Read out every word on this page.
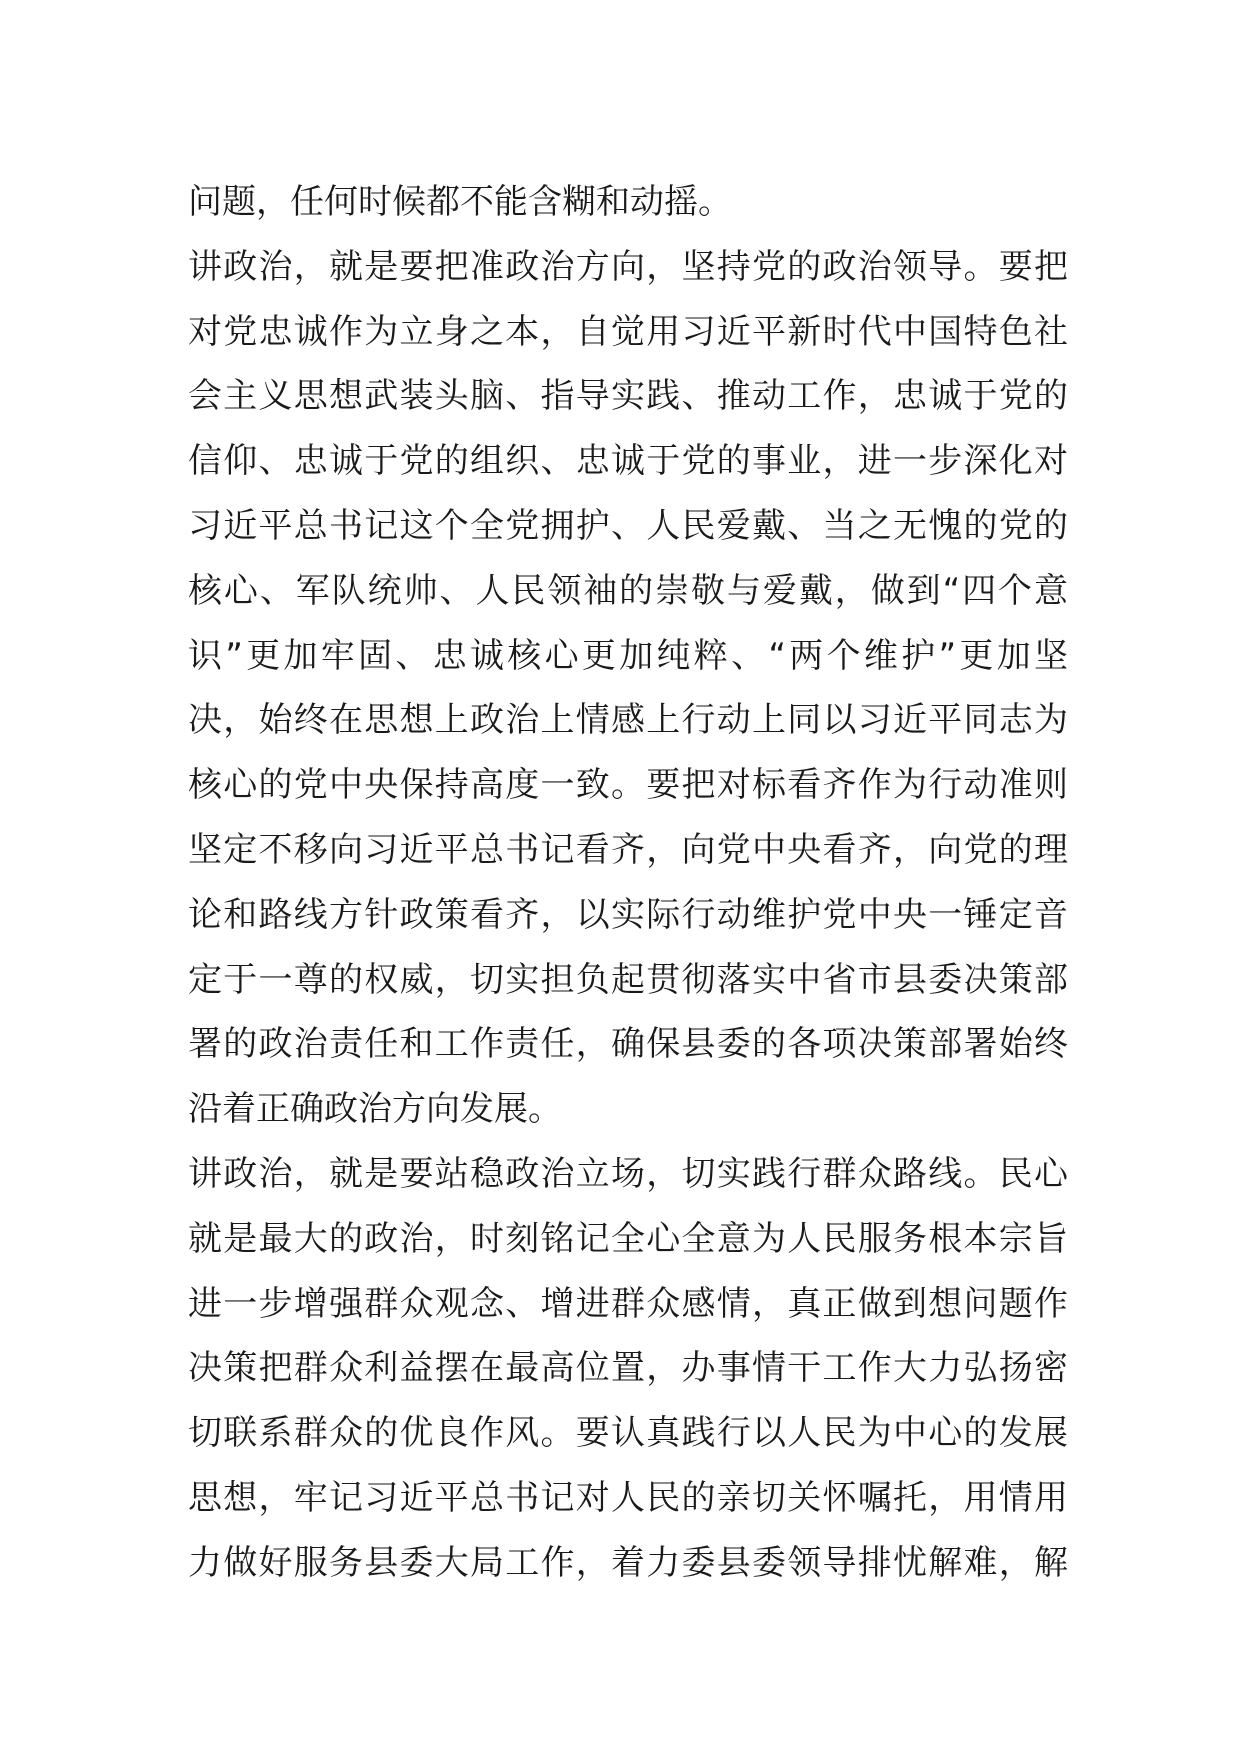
问题，任何时候都不能含糊和动摇。
讲政治，就是要把准政治方向，坚持党的政治领导。要把
对党忠诚作为立身之本，自觉用习近平新时代中国特色社
会主义思想武装头脑、指导实践、推动工作，忠诚于党的
信仰、忠诚于党的组织、忠诚于党的事业，进一步深化对
习近平总书记这个全党拥护、人民爱戴、当之无愧的党的
核心、军队统帅、人民领袖的崇敬与爱戴，做到“四个意
识”更加牢固、忠诚核心更加纯粹、“两个维护”更加坚
决，始终在思想上政治上情感上行动上同以习近平同志为
核心的党中央保持高度一致。要把对标看齐作为行动准则
坚定不移向习近平总书记看齐，向党中央看齐，向党的理
论和路线方针政策看齐，以实际行动维护党中央一锤定音
定于一尊的权威，切实担负起贯彻落实中省市县委决策部
署的政治责任和工作责任，确保县委的各项决策部署始终
沿着正确政治方向发展。
讲政治，就是要站稳政治立场，切实践行群众路线。民心
就是最大的政治，时刻铭记全心全意为人民服务根本宗旨
进一步增强群众观念、增进群众感情，真正做到想问题作
决策把群众利益摆在最高位置，办事情干工作大力弘扬密
切联系群众的优良作风。要认真践行以人民为中心的发展
思想，牢记习近平总书记对人民的亲切关怀嘱托，用情用
力做好服务县委大局工作，着力委县委领导排忧解难，解
